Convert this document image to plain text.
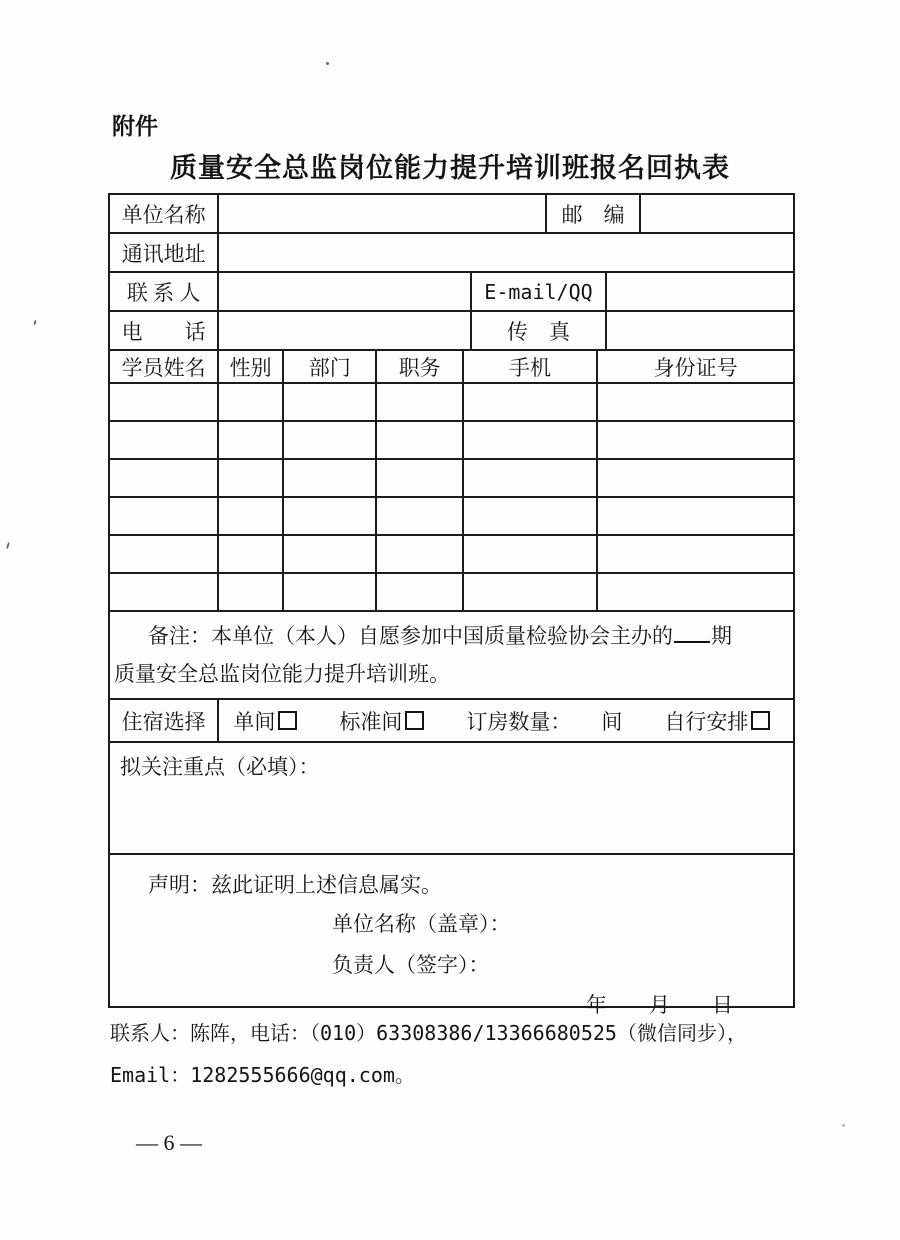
附件
质量安全总监岗位能力提升培训班报名回执表
单位名称	邮　编
通讯地址
联 系 人	E-mail/QQ
电　　话	传　真
学员姓名	性别	部门	职务	手机	身份证号
备注：本单位（本人）自愿参加中国质量检验协会主办的 期
质量安全总监岗位能力提升培训班。
住宿选择	单间	标准间	订房数量： 间 自行安排
拟关注重点（必填）：

声明：兹此证明上述信息属实。

单位名称（盖章）：

负责人（签字）：

年　　月　　日

联系人：陈阵，电话：（010）63308386/13366680525（微信同步），

Email：1282555666@qq.com。

— 6 —
